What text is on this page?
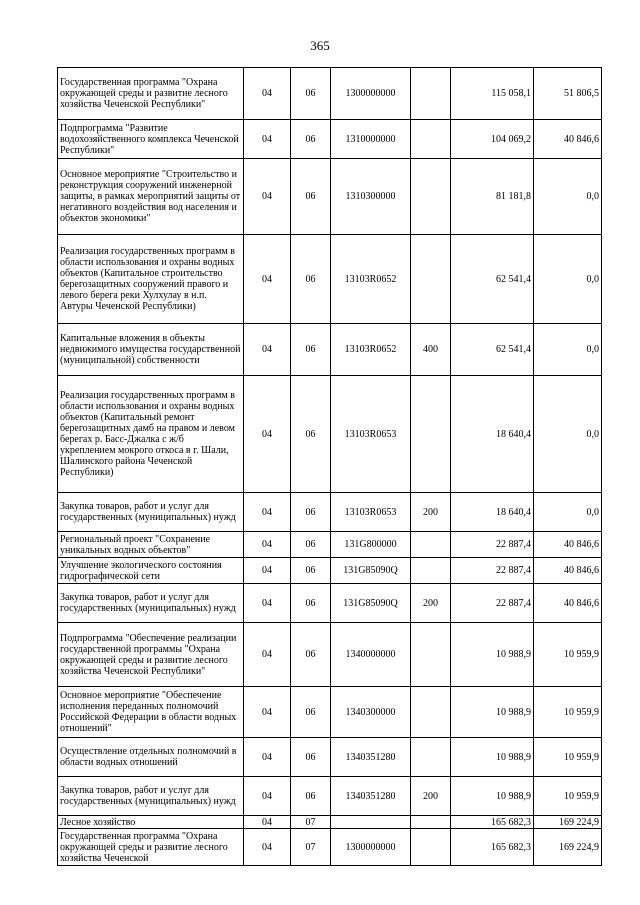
365
Государственная программа "Охрана окружающей среды и развитие лесного хозяйства Чеченской Республики"	04	06	1300000000		115 058,1	51 806,5
Подпрограмма "Развитие водохозяйственного комплекса Чеченской Республики"	04	06	1310000000		104 069,2	40 846,6
Основное мероприятие "Строительство и реконструкция сооружений инженерной защиты, в рамках мероприятий защиты от негативного воздействия вод населения и объектов экономики"	04	06	1310300000		81 181,8	0,0
Реализация государственных программ в области использования и охраны водных объектов (Капитальное строительство берегозащитных сооружений правого и левого берега реки Хулхулау в н.п. Автуры Чеченской Республики)	04	06	13103R0652		62 541,4	0,0
Капитальные вложения в объекты недвижимого имущества государственной (муниципальной) собственности	04	06	13103R0652	400	62 541,4	0,0
Реализация государственных программ в области использования и охраны водных объектов (Капитальный ремонт берегозащитных дамб на правом и левом берегах р. Басс-Джалка с ж/б укреплением мокрого откоса в г. Шали, Шалинского района Чеченской Республики)	04	06	13103R0653		18 640,4	0,0
Закупка товаров, работ и услуг для государственных (муниципальных) нужд	04	06	13103R0653	200	18 640,4	0,0
Региональный проект "Сохранение уникальных водных объектов"	04	06	131G800000		22 887,4	40 846,6
Улучшение экологического состояния гидрографической сети	04	06	131G85090Q		22 887,4	40 846,6
Закупка товаров, работ и услуг для государственных (муниципальных) нужд	04	06	131G85090Q	200	22 887,4	40 846,6
Подпрограмма "Обеспечение реализации государственной программы "Охрана окружающей среды и развитие лесного хозяйства Чеченской Республики"	04	06	1340000000		10 988,9	10 959,9
Основное мероприятие "Обеспечение исполнения переданных полномочий Российской Федерации в области водных отношений"	04	06	1340300000		10 988,9	10 959,9
Осуществление отдельных полномочий в области водных отношений	04	06	1340351280		10 988,9	10 959,9
Закупка товаров, работ и услуг для государственных (муниципальных) нужд	04	06	1340351280	200	10 988,9	10 959,9
Лесное хозяйство	04	07			165 682,3	169 224,9
Государственная программа "Охрана окружающей среды и развитие лесного хозяйства Чеченской	04	07	1300000000		165 682,3	169 224,9
